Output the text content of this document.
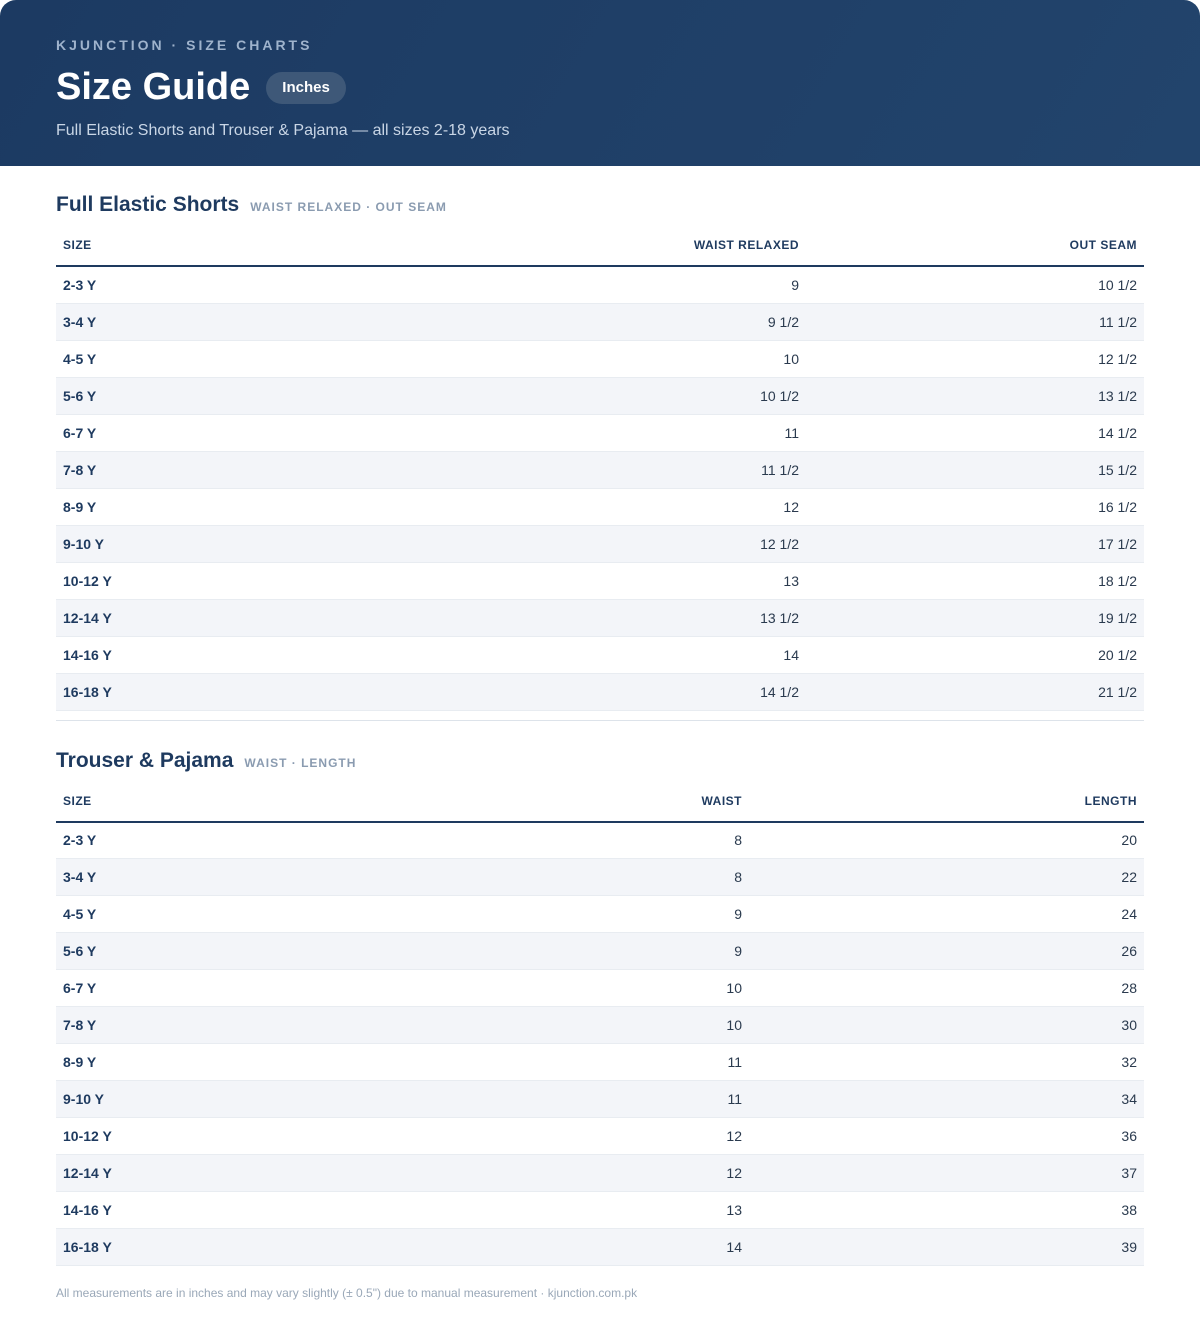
KJUNCTION · SIZE CHARTS
Size Guide	Inches
Full Elastic Shorts and Trouser & Pajama — all sizes 2-18 years
Full Elastic Shorts WAIST RELAXED · OUT SEAM
SIZE	WAIST RELAXED	OUT SEAM
2-3 Y	9	10 1/2
3-4 Y	9 1/2	11 1/2
4-5 Y	10	12 1/2
5-6 Y	10 1/2	13 1/2
6-7 Y	11	14 1/2
7-8 Y	11 1/2	15 1/2
8-9 Y	12	16 1/2
9-10 Y	12 1/2	17 1/2
10-12 Y	13	18 1/2
12-14 Y	13 1/2	19 1/2
14-16 Y	14	20 1/2
16-18 Y	14 1/2	21 1/2
Trouser & Pajama WAIST · LENGTH
SIZE	WAIST	LENGTH
2-3 Y	8	20
3-4 Y	8	22
4-5 Y	9	24
5-6 Y	9	26
6-7 Y	10	28
7-8 Y	10	30
8-9 Y	11	32
9-10 Y	11	34
10-12 Y	12	36
12-14 Y	12	37
14-16 Y	13	38
16-18 Y	14	39
All measurements are in inches and may vary slightly (± 0.5") due to manual measurement · kjunction.com.pk
